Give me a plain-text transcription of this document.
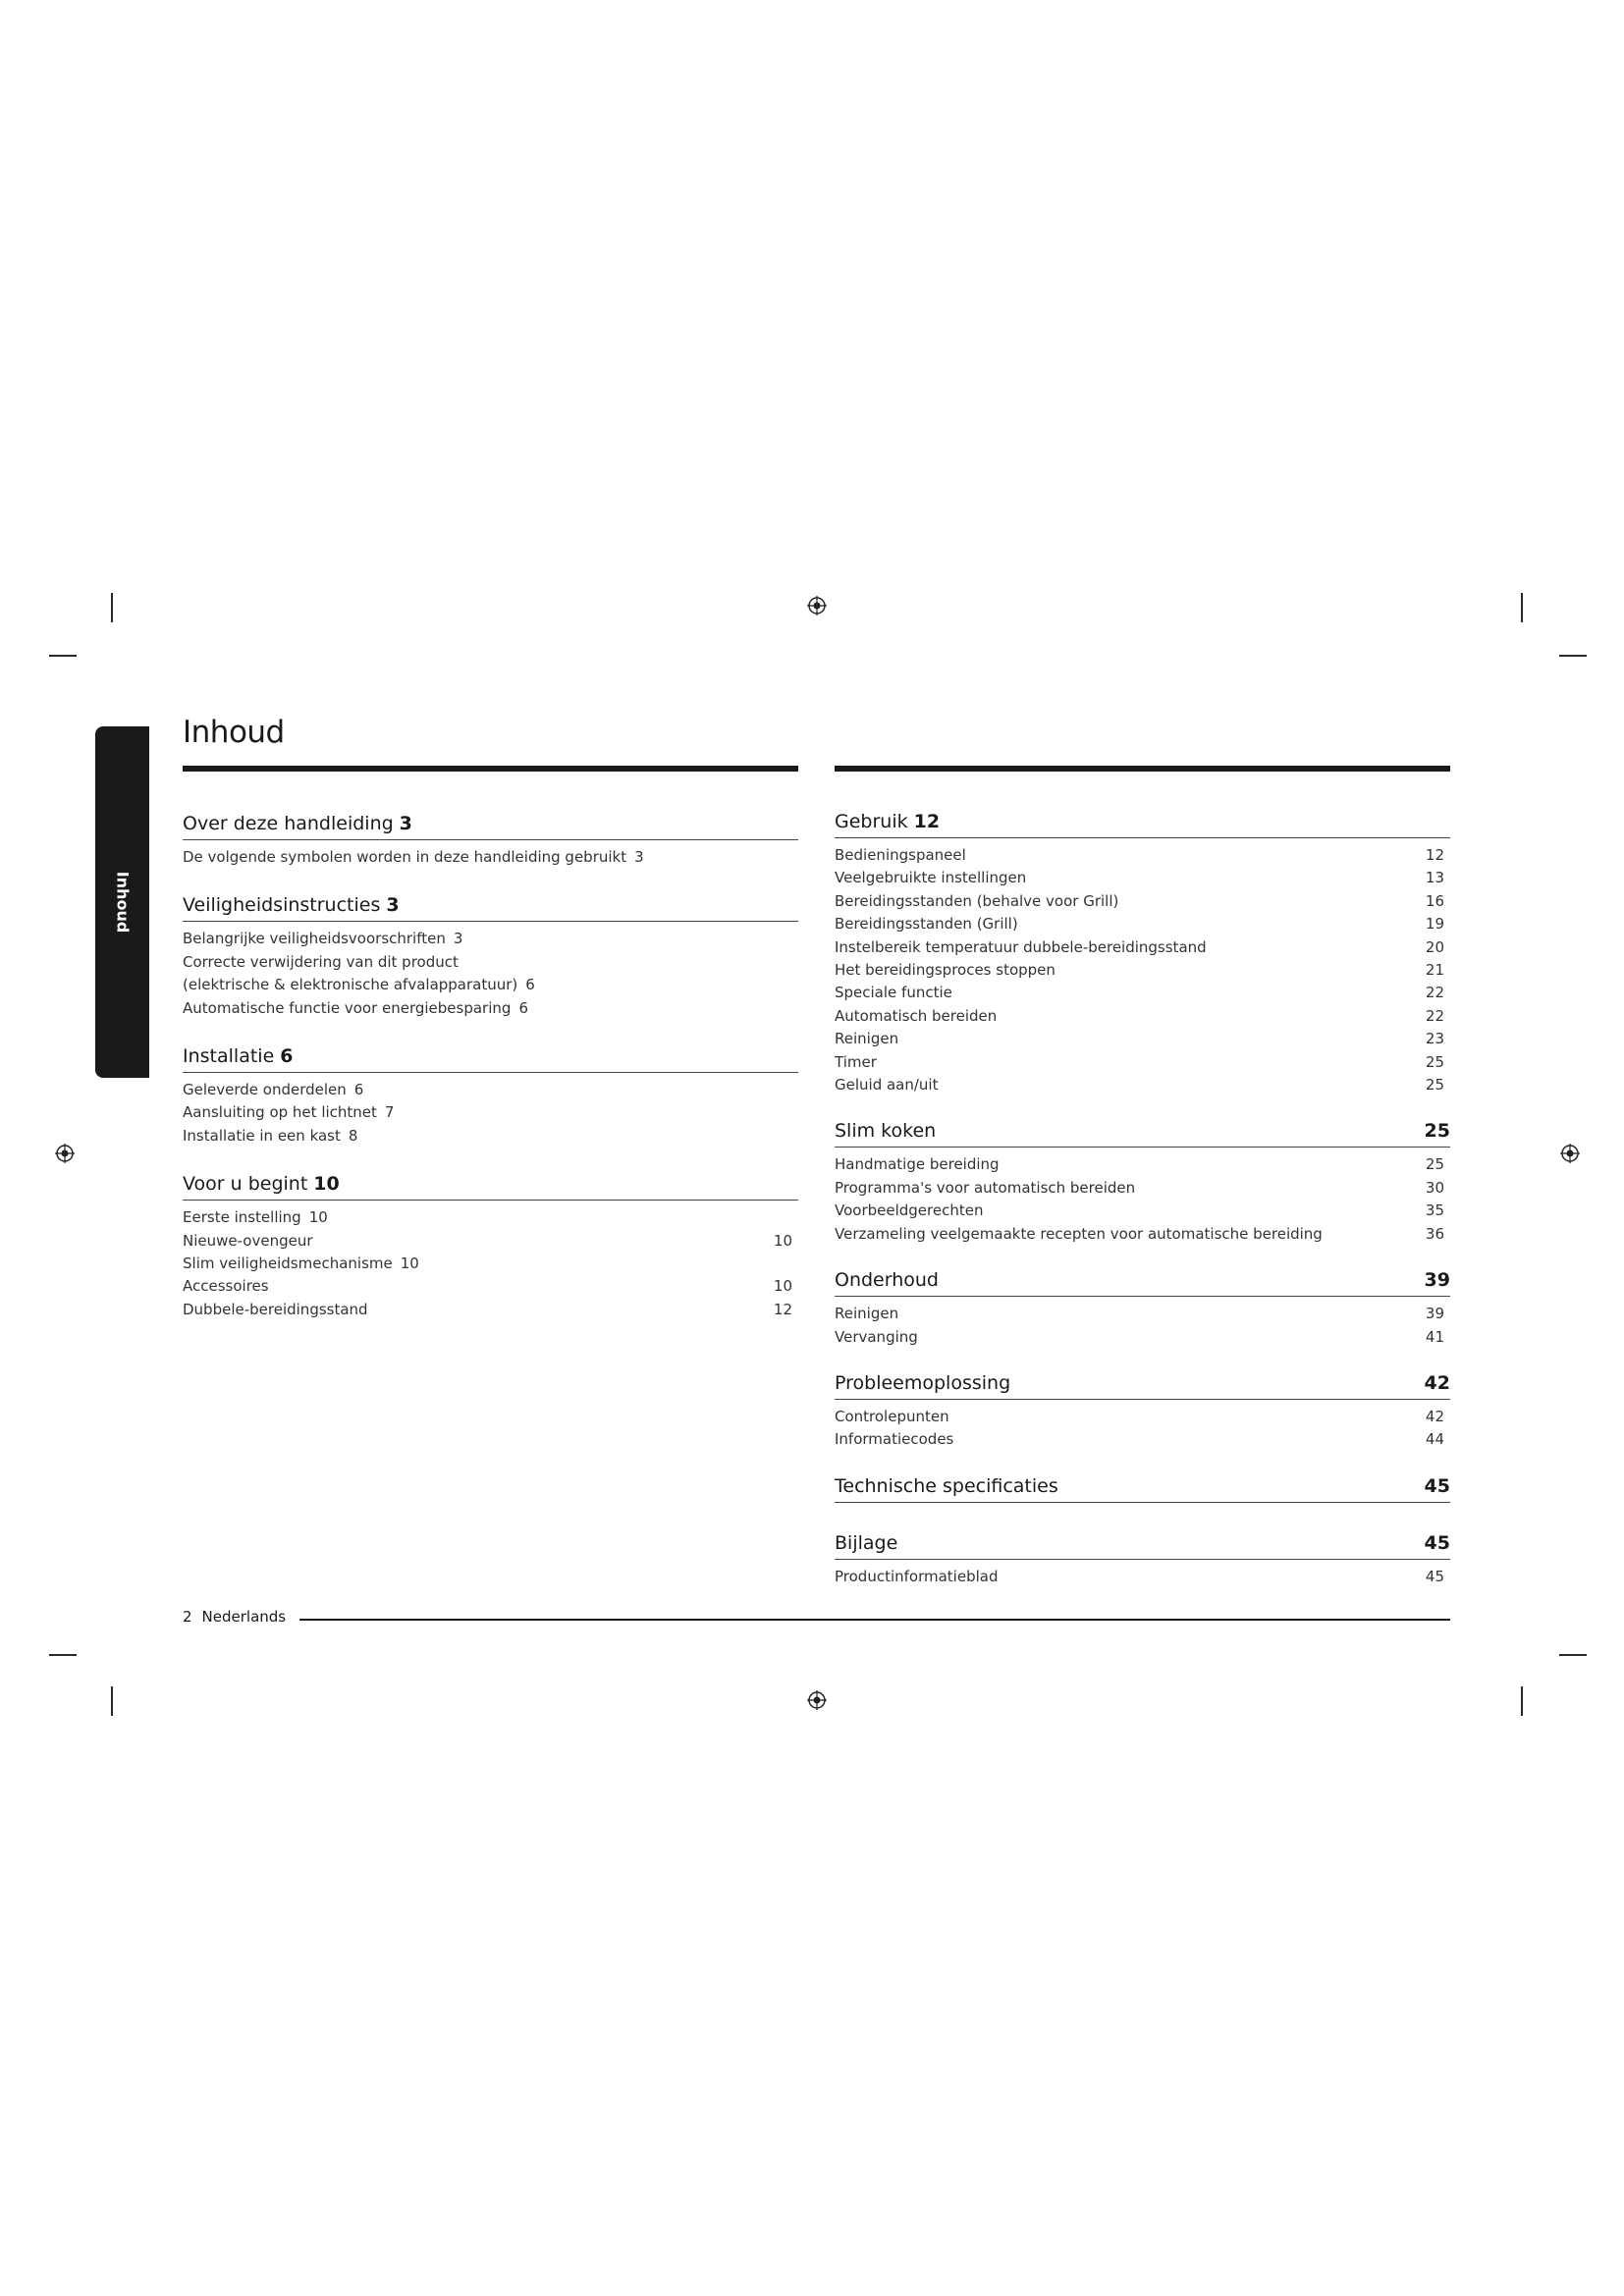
Inhoud
Inhoud
Over deze handleiding 3
De volgende symbolen worden in deze handleiding gebruikt 3
Veiligheidsinstructies 3
Belangrijke veiligheidsvoorschriften 3
Correcte verwijdering van dit product
(elektrische & elektronische afvalapparatuur) 6
Automatische functie voor energiebesparing 6
Installatie 6
Geleverde onderdelen 6
Aansluiting op het lichtnet 7
Installatie in een kast 8
Voor u begint 10
Eerste instelling 10
Nieuwe-ovengeur	10
Slim veiligheidsmechanisme 10
Accessoires	10
Dubbele-bereidingsstand	12
Gebruik 12
Bedieningspaneel	12
Veelgebruikte instellingen	13
Bereidingsstanden (behalve voor Grill)	16
Bereidingsstanden (Grill)	19
Instelbereik temperatuur dubbele-bereidingsstand	20
Het bereidingsproces stoppen	21
Speciale functie	22
Automatisch bereiden	22
Reinigen	23
Timer	25
Geluid aan/uit	25
Slim koken	25
Handmatige bereiding	25
Programma's voor automatisch bereiden	30
Voorbeeldgerechten	35
Verzameling veelgemaakte recepten voor automatische bereiding	36
Onderhoud	39
Reinigen	39
Vervanging	41
Probleemoplossing	42
Controlepunten	42
Informatiecodes	44
Technische specificaties	45
Bijlage	45
Productinformatieblad	45
2 Nederlands
